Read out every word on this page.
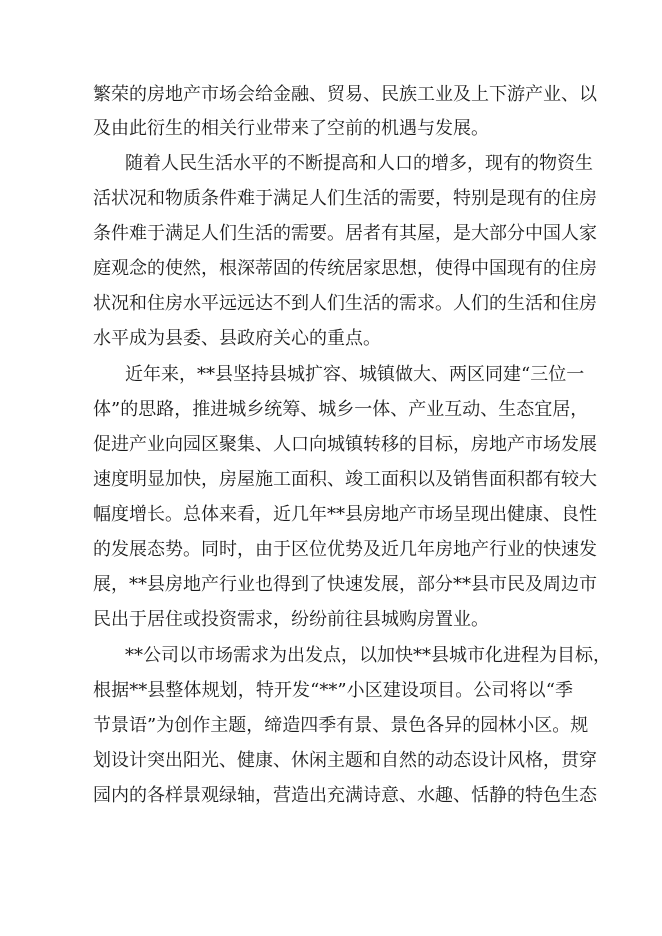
繁荣的房地产市场会给金融、贸易、民族工业及上下游产业、以
及由此衍生的相关行业带来了空前的机遇与发展。
随着人民生活水平的不断提高和人口的增多，现有的物资生
活状况和物质条件难于满足人们生活的需要，特别是现有的住房
条件难于满足人们生活的需要。居者有其屋，是大部分中国人家
庭观念的使然，根深蒂固的传统居家思想，使得中国现有的住房
状况和住房水平远远达不到人们生活的需求。人们的生活和住房
水平成为县委、县政府关心的重点。
近年来，**县坚持县城扩容、城镇做大、两区同建“三位一
体”的思路，推进城乡统筹、城乡一体、产业互动、生态宜居，
促进产业向园区聚集、人口向城镇转移的目标，房地产市场发展
速度明显加快，房屋施工面积、竣工面积以及销售面积都有较大
幅度增长。总体来看，近几年**县房地产市场呈现出健康、良性
的发展态势。同时，由于区位优势及近几年房地产行业的快速发
展，**县房地产行业也得到了快速发展，部分**县市民及周边市
民出于居住或投资需求，纷纷前往县城购房置业。
**公司以市场需求为出发点，以加快**县城市化进程为目标，
根据**县整体规划，特开发“**”小区建设项目。公司将以“季
节景语”为创作主题，缔造四季有景、景色各异的园林小区。规
划设计突出阳光、健康、休闲主题和自然的动态设计风格，贯穿
园内的各样景观绿轴，营造出充满诗意、水趣、恬静的特色生态
